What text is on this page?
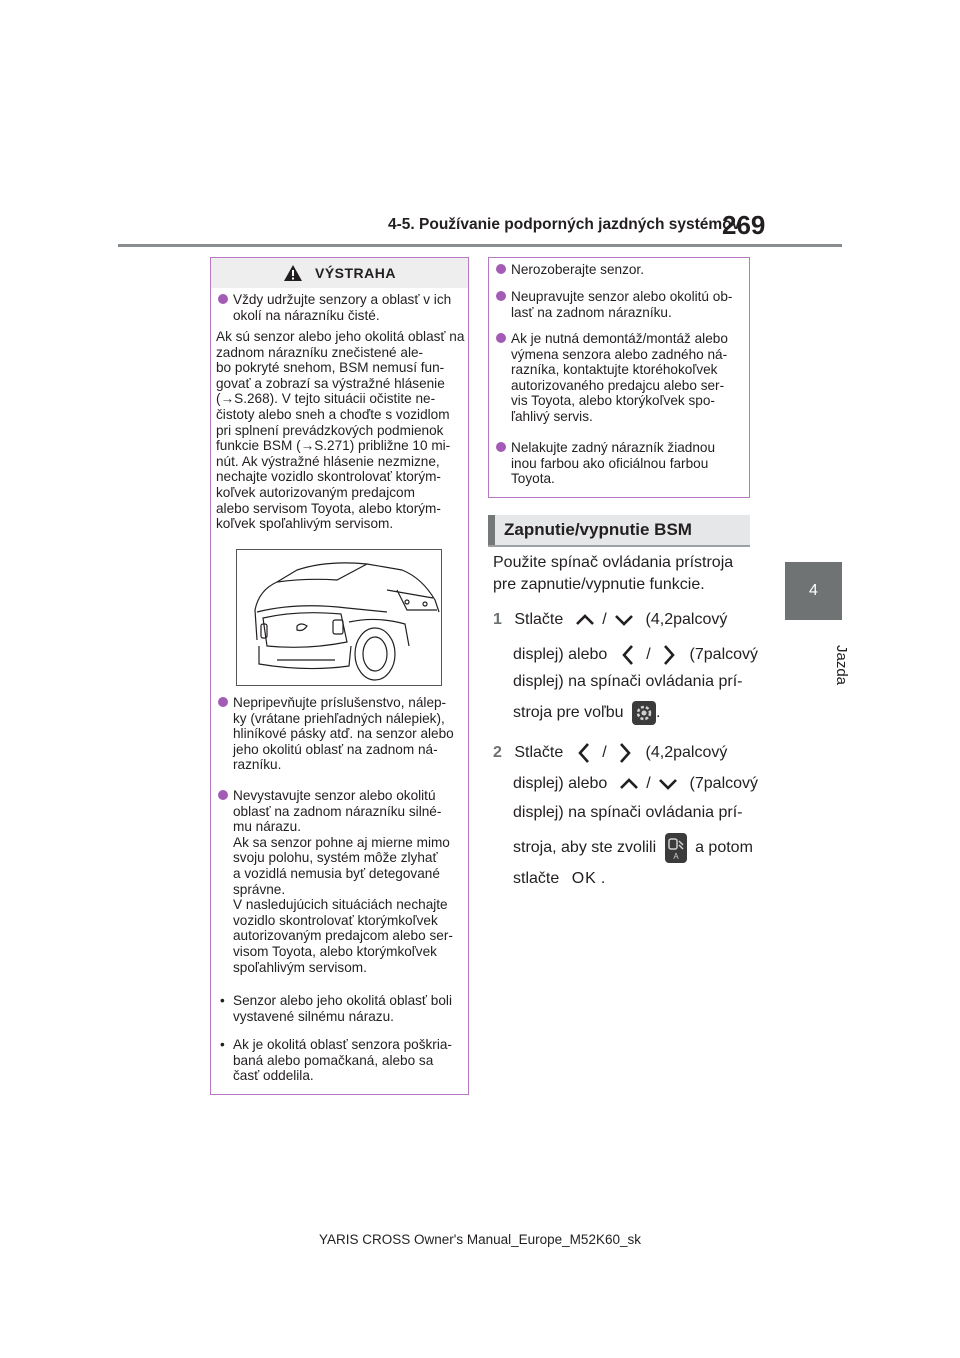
4-5. Používanie podporných jazdných systémov
269
4
Jazda
VÝSTRAHA
Vždy udržujte senzory a oblasť v ich okolí na nárazníku čisté.
Ak sú senzor alebo jeho okolitá oblasť na zadnom nárazníku znečistené ale-
bo pokryté snehom, BSM nemusí fun-
govať a zobrazí sa výstražné hlásenie
(→S.268). V tejto situácii očistite ne-
čistoty alebo sneh a choďte s vozidlom
pri splnení prevádzkových podmienok
funkcie BSM (→S.271) približne 10 mi-
nút. Ak výstražné hlásenie nezmizne,
nechajte vozidlo skontrolovať ktorým-
koľvek autorizovaným predajcom
alebo servisom Toyota, alebo ktorým-
koľvek spoľahlivým servisom.
Nepripevňujte príslušenstvo, nálep-
ky (vrátane priehľadných nálepiek),
hliníkové pásky atď. na senzor alebo
jeho okolitú oblasť na zadnom ná-
razníku.
Nevystavujte senzor alebo okolitú
oblasť na zadnom nárazníku silné-
mu nárazu.
Ak sa senzor pohne aj mierne mimo
svoju polohu, systém môže zlyhať
a vozidlá nemusia byť detegované
správne.
V nasledujúcich situáciách nechajte
vozidlo skontrolovať ktorýmkoľvek
autorizovaným predajcom alebo ser-
visom Toyota, alebo ktorýmkoľvek
spoľahlivým servisom.
• Senzor alebo jeho okolitá oblasť boli
vystavené silnému nárazu.
• Ak je okolitá oblasť senzora poškria-
baná alebo pomačkaná, alebo sa
časť oddelila.
Nerozoberajte senzor.
Neupravujte senzor alebo okolitú ob-
lasť na zadnom nárazníku.
Ak je nutná demontáž/montáž alebo
výmena senzora alebo zadného ná-
razníka, kontaktujte ktoréhokoľvek
autorizovaného predajcu alebo ser-
vis Toyota, alebo ktorýkoľvek spo-
ľahlivý servis.
Nelakujte zadný nárazník žiadnou
inou farbou ako oficiálnou farbou
Toyota.
Zapnutie/vypnutie BSM
Použite spínač ovládania prístroja
pre zapnutie/vypnutie funkcie.
1 Stlačte / (4,2palcový
displej) alebo / (7palcový
displej) na spínači ovládania prí-
stroja pre voľbu .
2 Stlačte / (4,2palcový
displej) alebo / (7palcový
displej) na spínači ovládania prí-
stroja, aby ste zvolili
A
a potom
stlačte OK .
YARIS CROSS Owner's Manual_Europe_M52K60_sk
